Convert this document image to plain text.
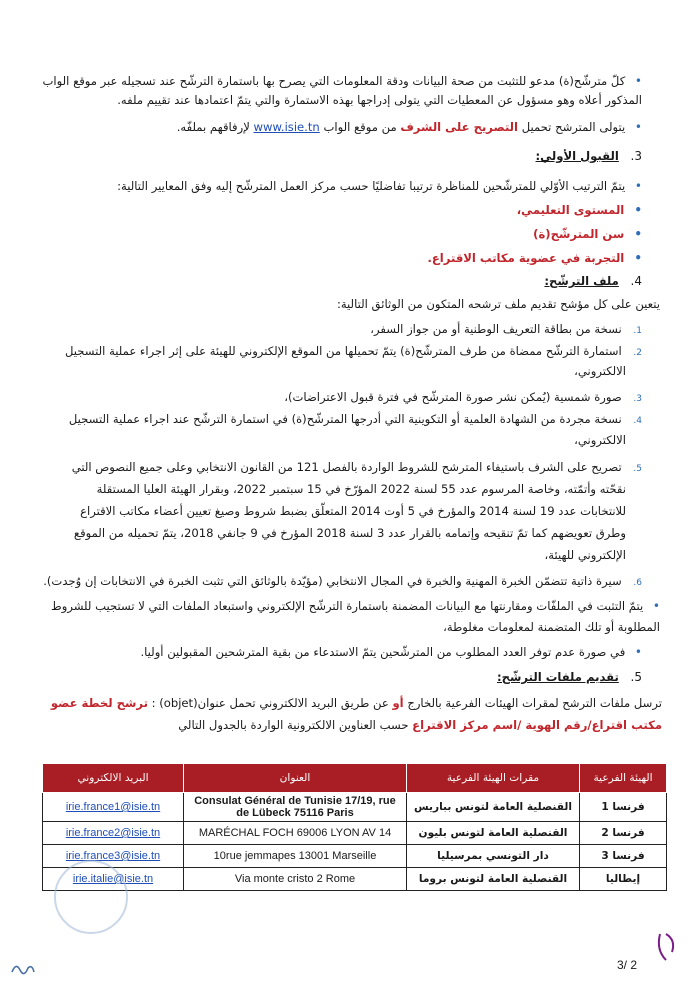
• كلّ مترشّح(ة) مدعو للتثبت من صحة البيانات ودقة المعلومات التي يصرح بها باستمارة الترشّح عند تسجيله عبر موقع الواب
المذكور أعلاه وهو مسؤول عن المعطيات التي يتولى إدراجها بهذه الاستمارة والتي يتمّ اعتمادها عند تقييم ملفه.
• يتولى المترشح تحميل التصريح على الشرف من موقع الواب www.isie.tn لإرفاقهم بملفّه.
3. القبول الأولي:
• يتمّ الترتيب الأوّلي للمترشّحين للمناظرة ترتيبا تفاضليًا حسب مركز العمل المترشّح إليه وفق المعايير التالية:
• المستوى التعليمي،
• سن المترشّح(ة)
• التجربة في عضوية مكاتب الاقتراع.
4. ملف الترشّح:
يتعين على كل مؤشح تقديم ملف ترشحه المتكون من الوثائق التالية:
1. نسخة من بطاقة التعريف الوطنية أو من جواز السفر،
2. استمارة الترشّح ممضاة من طرف المترشّح(ة) يتمّ تحميلها من الموقع الإلكتروني للهيئة على إثر اجراء عملية التسجيل
الالكتروني،
3. صورة شمسية (يُمكن نشر صورة المترشّح في فترة قبول الاعتراضات)،
4. نسخة مجردة من الشهادة العلمية أو التكوينية التي أدرجها المترشّح(ة) في استمارة الترشّح عند اجراء عملية التسجيل
الالكتروني،
5. تصريح على الشرف باستيفاء المترشح للشروط الواردة بالفصل 121 من القانون الانتخابي وعلى جميع النصوص التي
نقحّته وأتمّته، وخاصة المرسوم عدد 55 لسنة 2022 المؤرّخ في 15 سبتمبر 2022، وبقرار الهيئة العليا المستقلة
للانتخابات عدد 19 لسنة 2014 والمؤرخ في 5 أوت 2014 المتعلّق بضبط شروط وصيغ تعيين أعضاء مكاتب الاقتراع
وطرق تعويضهم كما تمّ تنقيحه وإتمامه بالقرار عدد 3 لسنة 2018 المؤرخ في 9 جانفي 2018، يتمّ تحميله من الموقع
الإلكتروني للهيئة،
6. سيرة ذاتية تتضمّن الخبرة المهنية والخبرة في المجال الانتخابي (مؤيّدة بالوثائق التي تثبت الخبرة في الانتخابات إن وُجدت).
• يتمّ التثبت في الملفّات ومقارنتها مع البيانات المضمنة باستمارة الترشّح الإلكتروني واستبعاد الملفات التي لا تستجيب للشروط
المطلوبة أو تلك المتضمنة لمعلومات مغلوطة،
• في صورة عدم توفر العدد المطلوب من المترشّحين يتمّ الاستدعاء من بقية المترشحين المقبولين أوليا.
5. تقديم ملفات الترشّح:
ترسل ملفات الترشح لمقرات الهيئات الفرعية بالخارج أو عن طريق البريد الالكتروني تحمل عنوان(objet) : ترشح لخطة عضو
مكتب اقتراع/رقم الهوية /اسم مركز الاقتراع حسب العناوين الالكترونية الواردة بالجدول التالي
الهيئة الفرعية	مقرات الهيئة الفرعية	العنوان	البريد الالكتروني
فرنسا 1	القنصلية العامة لتونس بباريس	Consulat Général de Tunisie 17/19, rue
de Lübeck 75116 Paris	irie.france1@isie.tn
فرنسا 2	القنصلية العامة لتونس بليون	MARÉCHAL FOCH 69006 LYON AV 14	irie.france2@isie.tn
فرنسا 3	دار التونسي بمرسيليا	10rue jemmapes 13001 Marseille	irie.france3@isie.tn
إيطاليا	القنصلية العامة لتونس بروما	Via monte cristo 2 Rome	irie.italie@isie.tn
3/ 2
